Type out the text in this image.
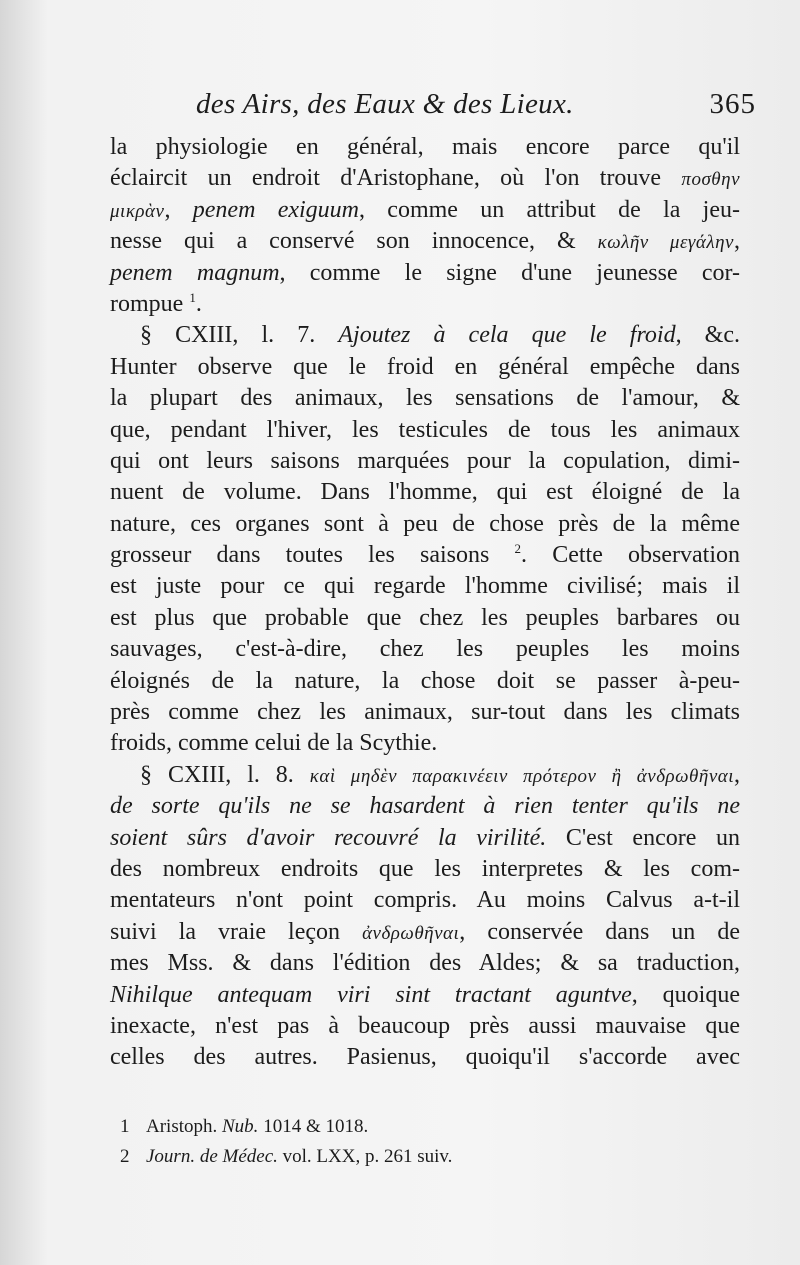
des Airs, des Eaux & des Lieux.	365
la physiologie en général, mais encore parce qu'il
éclaircit un endroit d'Aristophane, où l'on trouve ποσθην
μικρὰν, penem exiguum, comme un attribut de la jeu-
nesse qui a conservé son innocence, & κωλῆν μεγάλην,
penem magnum, comme le signe d'une jeunesse cor-
rompue $^1$.
§ CXIII, l. 7. Ajoutez à cela que le froid, &c.
Hunter observe que le froid en général empêche dans
la plupart des animaux, les sensations de l'amour, &
que, pendant l'hiver, les testicules de tous les animaux
qui ont leurs saisons marquées pour la copulation, dimi-
nuent de volume. Dans l'homme, qui est éloigné de la
nature, ces organes sont à peu de chose près de la même
grosseur dans toutes les saisons $^2$. Cette observation
est juste pour ce qui regarde l'homme civilisé; mais il
est plus que probable que chez les peuples barbares ou
sauvages, c'est-à-dire, chez les peuples les moins
éloignés de la nature, la chose doit se passer à-peu-
près comme chez les animaux, sur-tout dans les climats
froids, comme celui de la Scythie.
§ CXIII, l. 8. καὶ μηδὲν παρακινέειν πρότερον ἢ ἀνδρωθῆναι,
de sorte qu'ils ne se hasardent à rien tenter qu'ils ne
soient sûrs d'avoir recouvré la virilité. C'est encore un
des nombreux endroits que les interpretes & les com-
mentateurs n'ont point compris. Au moins Calvus a-t-il
suivi la vraie leçon ἀνδρωθῆναι, conservée dans un de
mes Mss. & dans l'édition des Aldes; & sa traduction,
Nihilque antequam viri sint tractant aguntve, quoique
inexacte, n'est pas à beaucoup près aussi mauvaise que
celles des autres. Pasienus, quoiqu'il s'accorde avec
1 Aristoph. Nub. 1014 & 1018.
2 Journ. de Médec. vol. LXX, p. 261 suiv.
